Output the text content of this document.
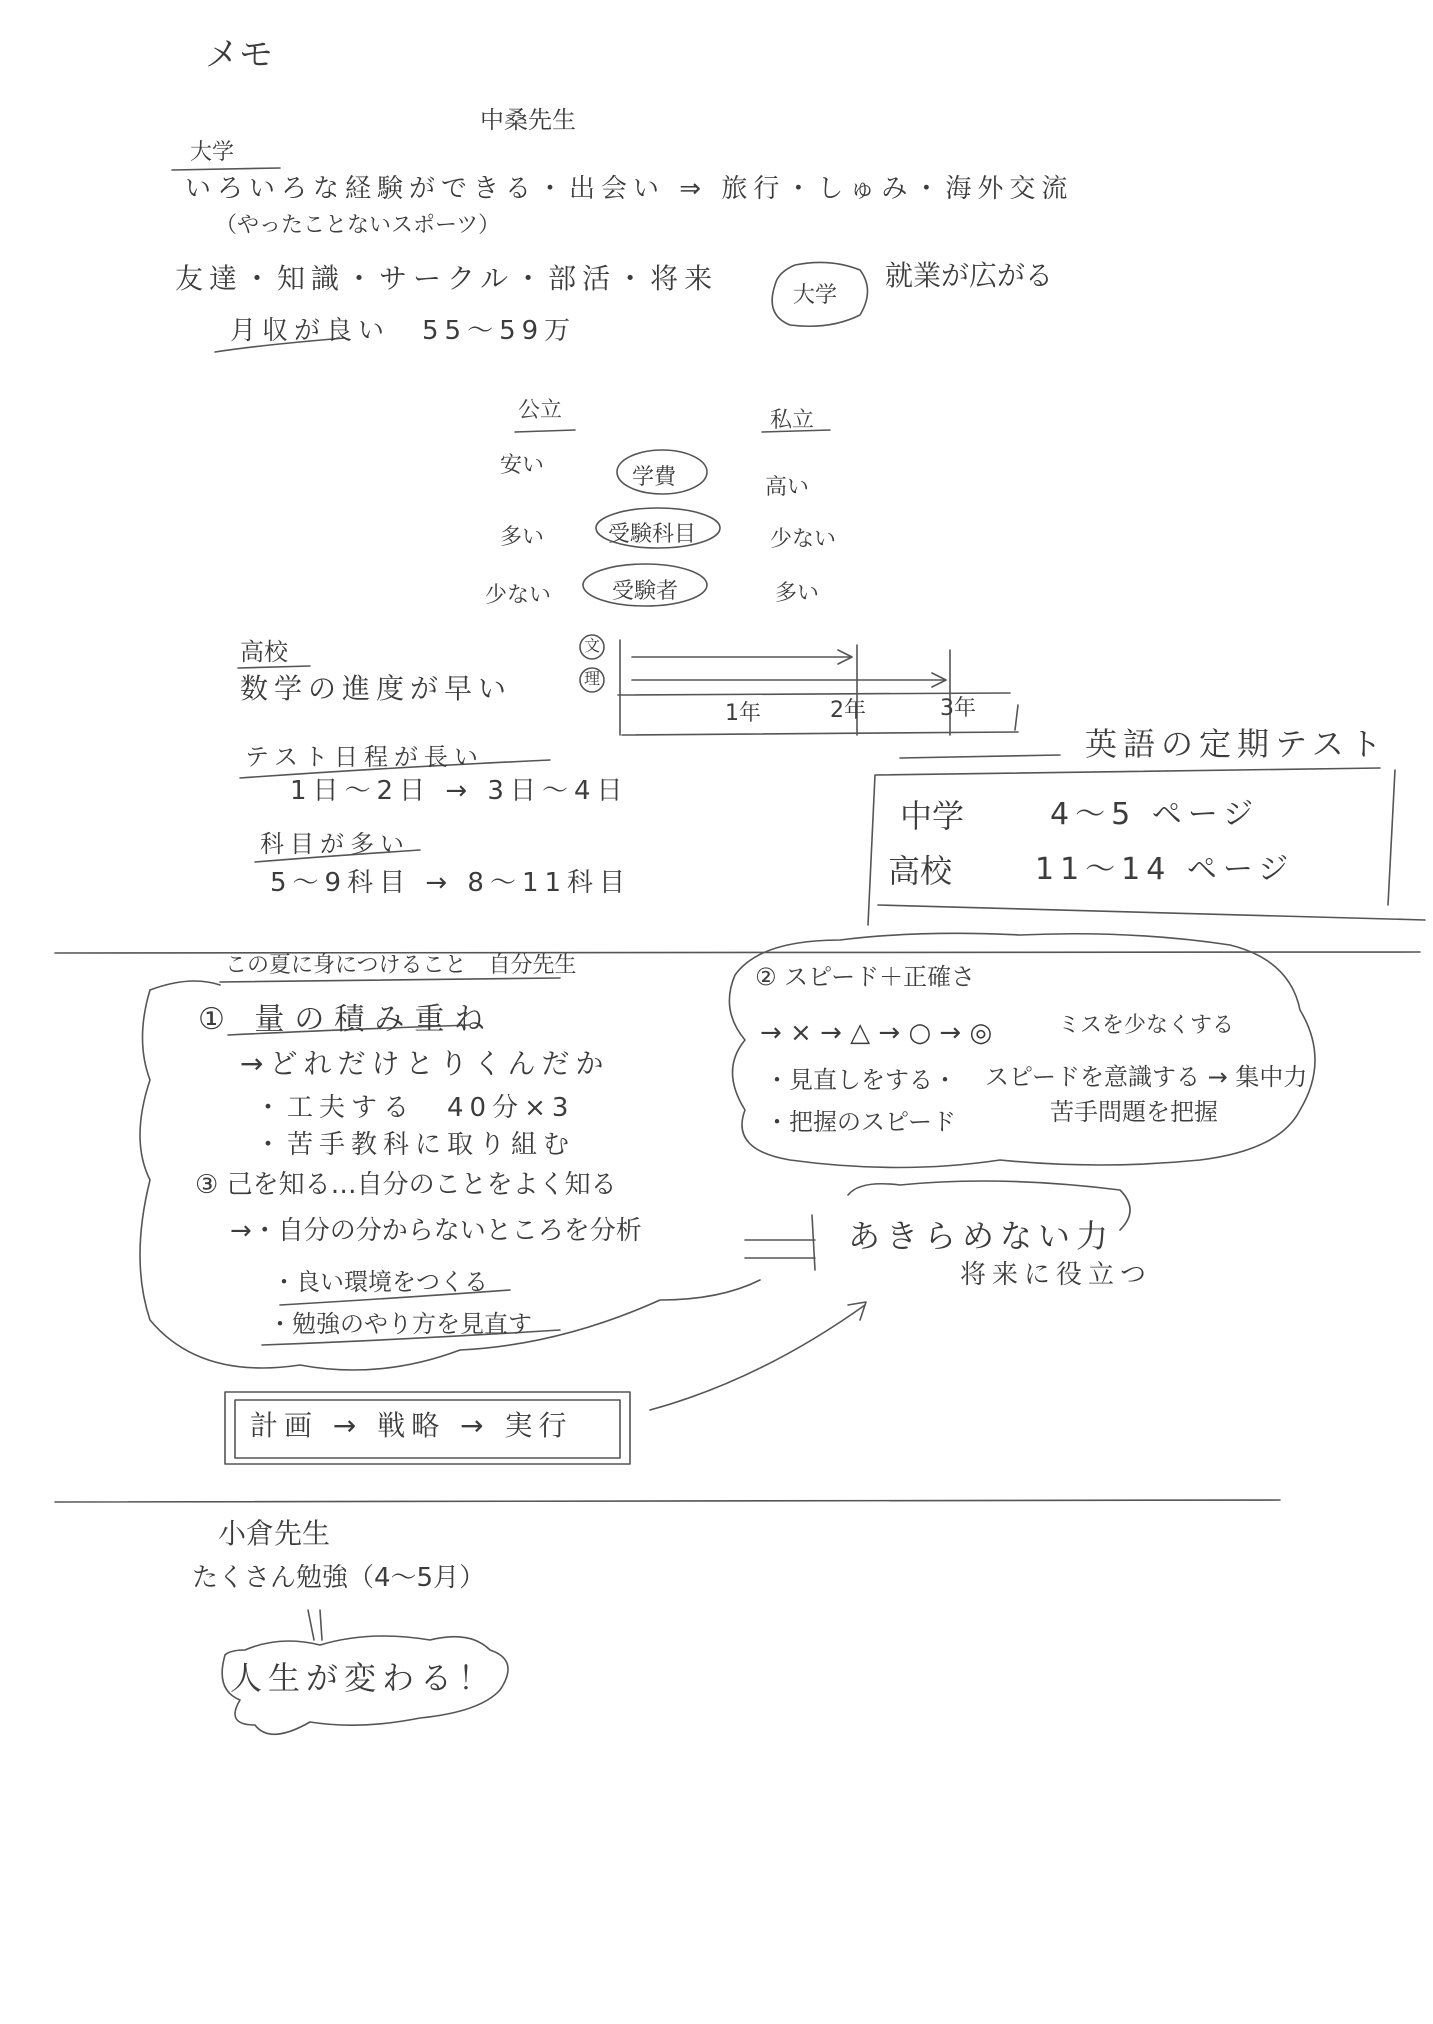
メモ
中桑先生
大学
いろいろな経験ができる・出会い ⇒ 旅行・しゅみ・海外交流
（やったことないスポーツ）
友達・知識・サークル・部活・将来
月収が良い　55〜59万
大学
就業が広がる
公立	私立
安い	学費	高い
多い	受験科目	少ない
少ない	受験者	多い
高校
数学の進度が早い
テスト日程が長い
1日〜2日 → 3日〜4日
科目が多い
5〜9科目 → 8〜11科目
文
理
1年	2年	3年
英語の定期テスト
中学	4〜5 ページ
高校	11〜14 ページ
この夏に身につけること　自分先生
① 量の積み重ね
→どれだけとりくんだか
・工夫する　40分×3
・苦手教科に取り組む
② スピード＋正確さ
→ × → △ → ○ → ◎	ミスを少なくする
・見直しをする・
・把握のスピード
スピードを意識する → 集中力
苦手問題を把握
③ 己を知る…自分のことをよく知る
→・自分の分からないところを分析
・良い環境をつくる
・勉強のやり方を見直す
あきらめない力
将来に役立つ
計画 → 戦略 → 実行
小倉先生
たくさん勉強（4〜5月）
人生が変わる！
